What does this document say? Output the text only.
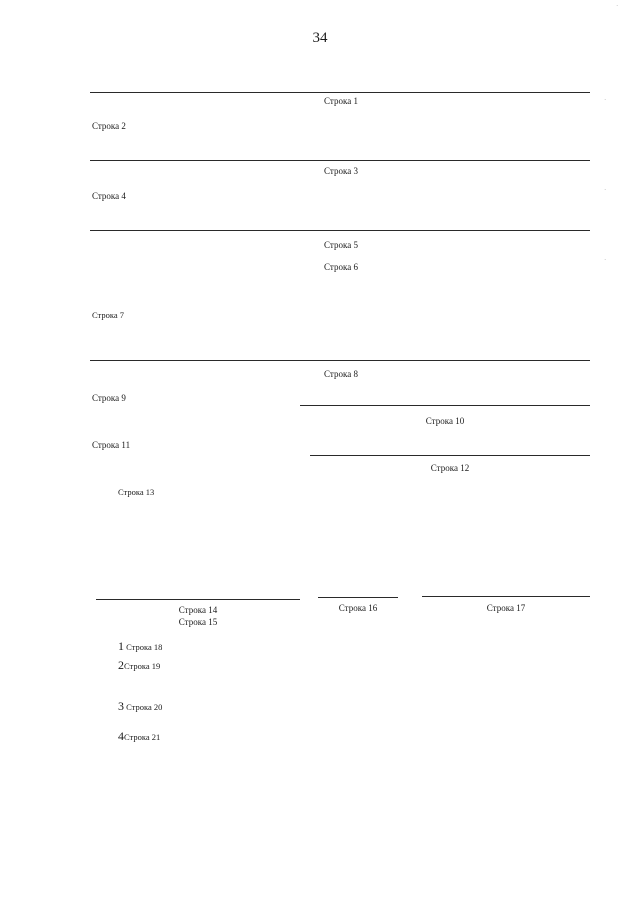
34
Строка 1
Строка 2
Строка 3
Строка 4
Строка 5
Строка 6
Строка 7
Строка 8
Строка 9
Строка 10
Строка 11
Строка 12
Строка 13
Строка 14
Строка 15
Строка 16	Строка 17
1 Строка 18
2Строка 19
3 Строка 20
4Строка 21
·
·
·
·
